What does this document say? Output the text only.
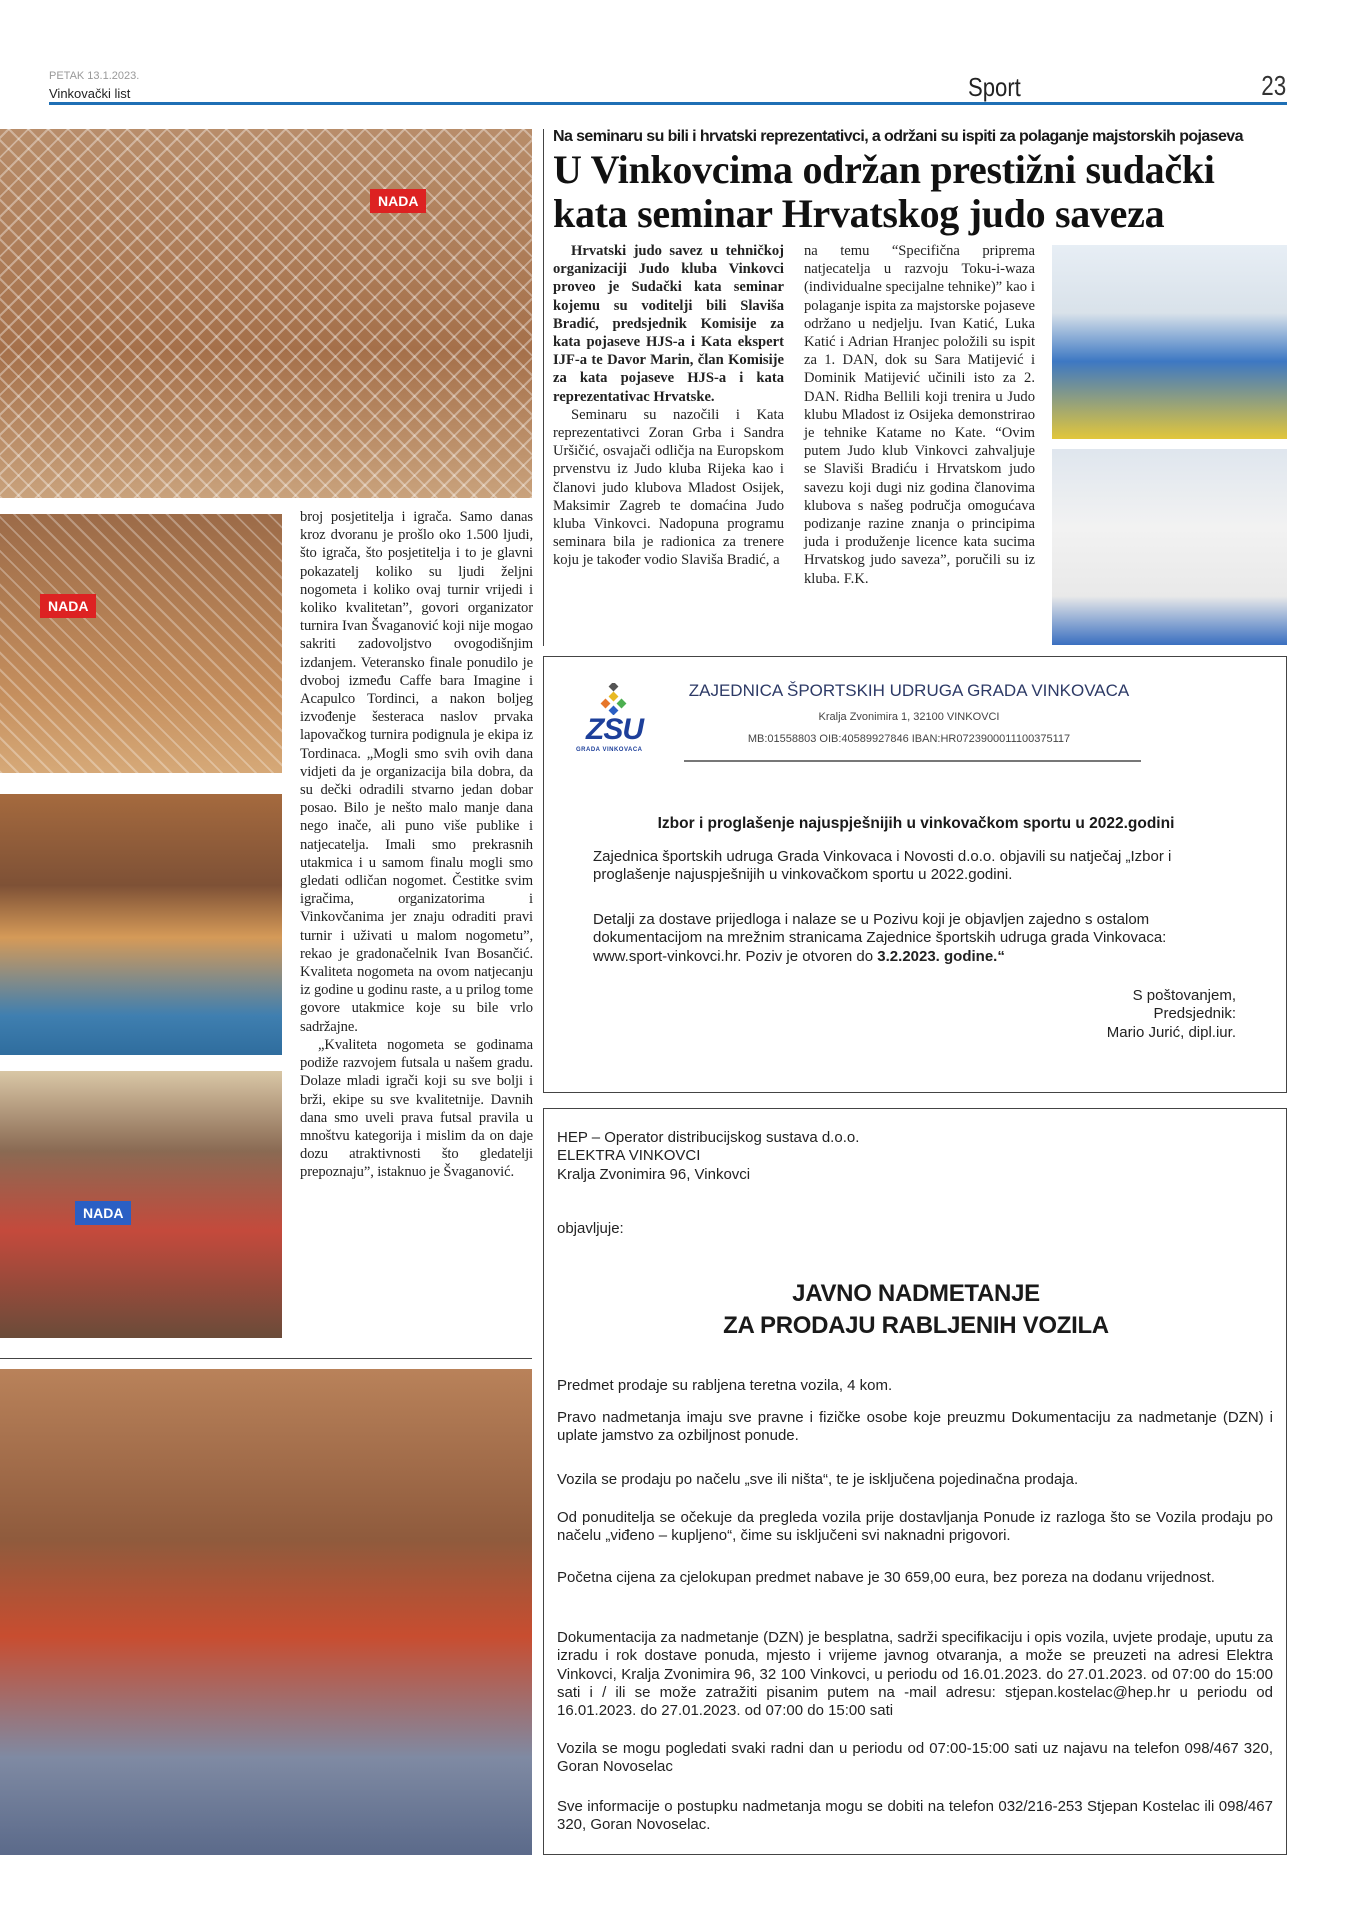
PETAK 13.1.2023.
Vinkovački list	Sport	23
NADA
NADA
NADA

broj posjetitelja i igrača. Samo danas kroz dvoranu je prošlo oko 1.500 ljudi, što igrača, što posjetitelja i to je glavni pokazatelj koliko su ljudi željni nogometa i koliko ovaj turnir vrijedi i koliko kvalitetan”, govori organizator turnira Ivan Švaganović koji nije mogao sakriti zadovoljstvo ovogodišnjim izdanjem. Veteransko finale ponudilo je dvoboj između Caffe bara Imagine i Acapulco Tordinci, a nakon boljeg izvođenje šesteraca naslov prvaka lapovačkog turnira podignula je ekipa iz Tordinaca. „Mogli smo svih ovih dana vidjeti da je organizacija bila dobra, da su dečki odradili stvarno jedan dobar posao. Bilo je nešto malo manje dana nego inače, ali puno više publike i natjecatelja. Imali smo prekrasnih utakmica i u samom finalu mogli smo gledati odličan nogomet. Čestitke svim igračima, organizatorima i Vinkovčanima jer znaju odraditi pravi turnir i uživati u malom nogometu”, rekao je gradonačelnik Ivan Bosančić. Kvaliteta nogometa na ovom natjecanju iz godine u godinu raste, a u prilog tome govore utakmice koje su bile vrlo sadržajne.

„Kvaliteta nogometa se godinama podiže razvojem futsala u našem gradu. Dolaze mladi igrači koji su sve bolji i brži, ekipe su sve kvalitetnije. Davnih dana smo uveli prava futsal pravila u mnoštvu kategorija i mislim da on daje dozu atraktivnosti što gledatelji prepoznaju”, istaknuo je Švaganović.

Na seminaru su bili i hrvatski reprezentativci, a održani su ispiti za polaganje majstorskih pojaseva
U Vinkovcima održan prestižni sudački kata seminar Hrvatskog judo saveza

Hrvatski judo savez u tehničkoj organizaciji Judo kluba Vinkovci proveo je Sudački kata seminar kojemu su voditelji bili Slaviša Bradić, predsjednik Komisije za kata pojaseve HJS-a i Kata ekspert IJF-a te Davor Marin, član Komisije za kata pojaseve HJS-a i kata reprezentativac Hrvatske.

Seminaru su nazočili i Kata reprezentativci Zoran Grba i Sandra Uršičić, osvajači odličja na Europskom prvenstvu iz Judo kluba Rijeka kao i članovi judo klubova Mladost Osijek, Maksimir Zagreb te domaćina Judo kluba Vinkovci. Nadopuna programu seminara bila je radionica za trenere koju je također vodio Slaviša Bradić, a

na temu “Specifična priprema natjecatelja u razvoju Toku-i-waza (individualne specijalne tehnike)” kao i polaganje ispita za majstorske pojaseve održano u nedjelju. Ivan Katić, Luka Katić i Adrian Hranjec položili su ispit za 1. DAN, dok su Sara Matijević i Dominik Matijević učinili isto za 2. DAN. Ridha Bellili koji trenira u Judo klubu Mladost iz Osijeka demonstrirao je tehnike Katame no Kate. “Ovim putem Judo klub Vinkovci zahvaljuje se Slaviši Bradiću i Hrvatskom judo savezu koji dugi niz godina članovima klubova s našeg područja omogućava podizanje razine znanja o principima juda i produženje licence kata sucima Hrvatskog judo saveza”, poručili su iz kluba. F.K.

ZSU
GRADA VINKOVACA
ZAJEDNICA ŠPORTSKIH UDRUGA GRADA VINKOVACA
Kralja Zvonimira 1, 32100 VINKOVCI
MB:01558803 OIB:40589927846 IBAN:HR0723900011100375117
Izbor i proglašenje najuspješnijih u vinkovačkom sportu u 2022.godini
Zajednica športskih udruga Grada Vinkovaca i Novosti d.o.o. objavili su natječaj „Izbor i proglašenje najuspješnijih u vinkovačkom sportu u 2022.godini.
Detalji za dostave prijedloga i nalaze se u Pozivu koji je objavljen zajedno s ostalom dokumentacijom na mrežnim stranicama Zajednice športskih udruga grada Vinkovaca: www.sport-vinkovci.hr. Poziv je otvoren do 3.2.2023. godine.“
S poštovanjem,
Predsjednik:
Mario Jurić, dipl.iur.
HEP – Operator distribucijskog sustava d.o.o.
ELEKTRA VINKOVCI
Kralja Zvonimira 96, Vinkovci
objavljuje:
JAVNO NADMETANJE
ZA PRODAJU RABLJENIH VOZILA
Predmet prodaje su rabljena teretna vozila, 4 kom.
Pravo nadmetanja imaju sve pravne i fizičke osobe koje preuzmu Dokumentaciju za nadmetanje (DZN) i uplate jamstvo za ozbiljnost ponude.
Vozila se prodaju po načelu „sve ili ništa“, te je isključena pojedinačna prodaja.
Od ponuditelja se očekuje da pregleda vozila prije dostavljanja Ponude iz razloga što se Vozila prodaju po načelu „viđeno – kupljeno“, čime su isključeni svi naknadni prigovori.
Početna cijena za cjelokupan predmet nabave je 30 659,00 eura, bez poreza na dodanu vrijednost.
Dokumentacija za nadmetanje (DZN) je besplatna, sadrži specifikaciju i opis vozila, uvjete prodaje, uputu za izradu i rok dostave ponuda, mjesto i vrijeme javnog otvaranja, a može se preuzeti na adresi Elektra Vinkovci, Kralja Zvonimira 96, 32 100 Vinkovci, u periodu od 16.01.2023. do 27.01.2023. od 07:00 do 15:00 sati i / ili se može zatražiti pisanim putem na -mail adresu: stjepan.kostelac@hep.hr u periodu od 16.01.2023. do 27.01.2023. od 07:00 do 15:00 sati
Vozila se mogu pogledati svaki radni dan u periodu od 07:00-15:00 sati uz najavu na telefon 098/467 320, Goran Novoselac
Sve informacije o postupku nadmetanja mogu se dobiti na telefon 032/216-253 Stjepan Kostelac ili 098/467 320, Goran Novoselac.
